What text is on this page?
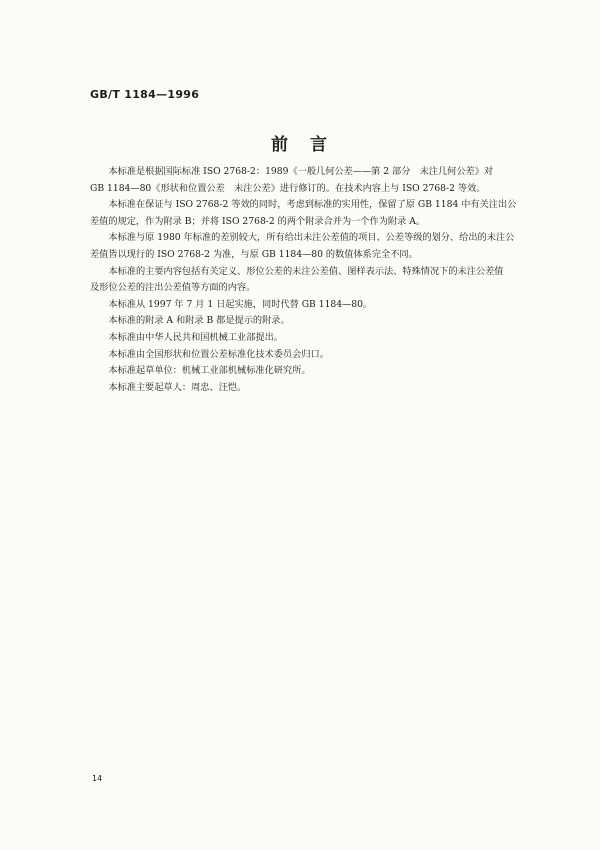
GB/T 1184—1996
前言

本标准是根据国际标准 ISO 2768-2：1989《一般几何公差——第 2 部分　未注几何公差》对
GB 1184—80《形状和位置公差　未注公差》进行修订的。在技术内容上与 ISO 2768-2 等效。

本标准在保证与 ISO 2768-2 等效的同时，考虑到标准的实用性，保留了原 GB 1184 中有关注出公
差值的规定，作为附录 B；并将 ISO 2768-2 的两个附录合并为一个作为附录 A。

本标准与原 1980 年标准的差别较大，所有给出未注公差值的项目、公差等级的划分、给出的未注公
差值皆以现行的 ISO 2768-2 为准，与原 GB 1184—80 的数值体系完全不同。

本标准的主要内容包括有关定义、形位公差的未注公差值、图样表示法、特殊情况下的未注公差值
及形位公差的注出公差值等方面的内容。

本标准从 1997 年 7 月 1 日起实施，同时代替 GB 1184—80。

本标准的附录 A 和附录 B 都是提示的附录。

本标准由中华人民共和国机械工业部提出。

本标准由全国形状和位置公差标准化技术委员会归口。

本标准起草单位：机械工业部机械标准化研究所。

本标准主要起草人：周忠、汪恺。

14
